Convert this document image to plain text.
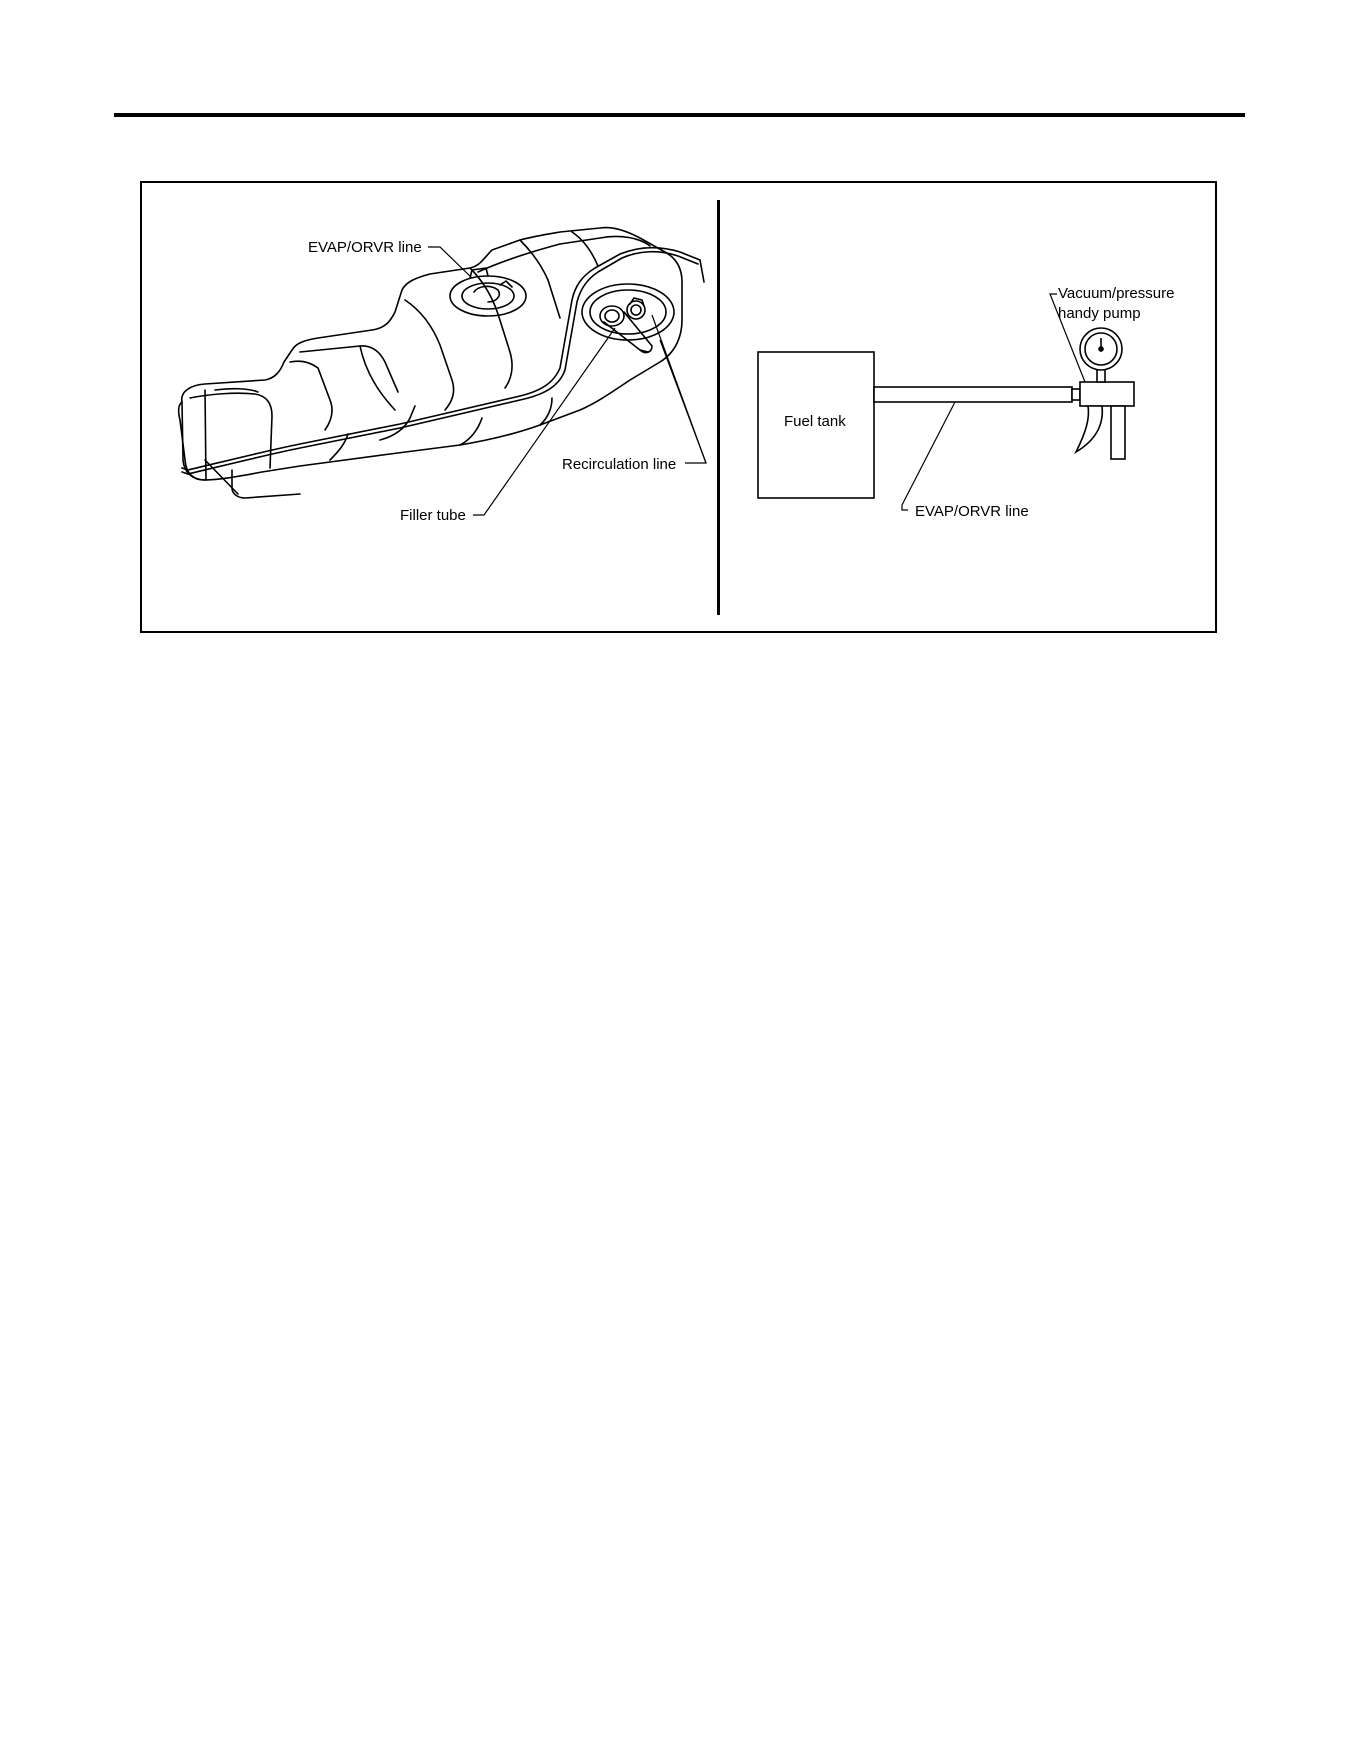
EVAP/ORVR line
Recirculation line
Filler tube
Fuel tank
Vacuum/pressure
handy pump
EVAP/ORVR line
